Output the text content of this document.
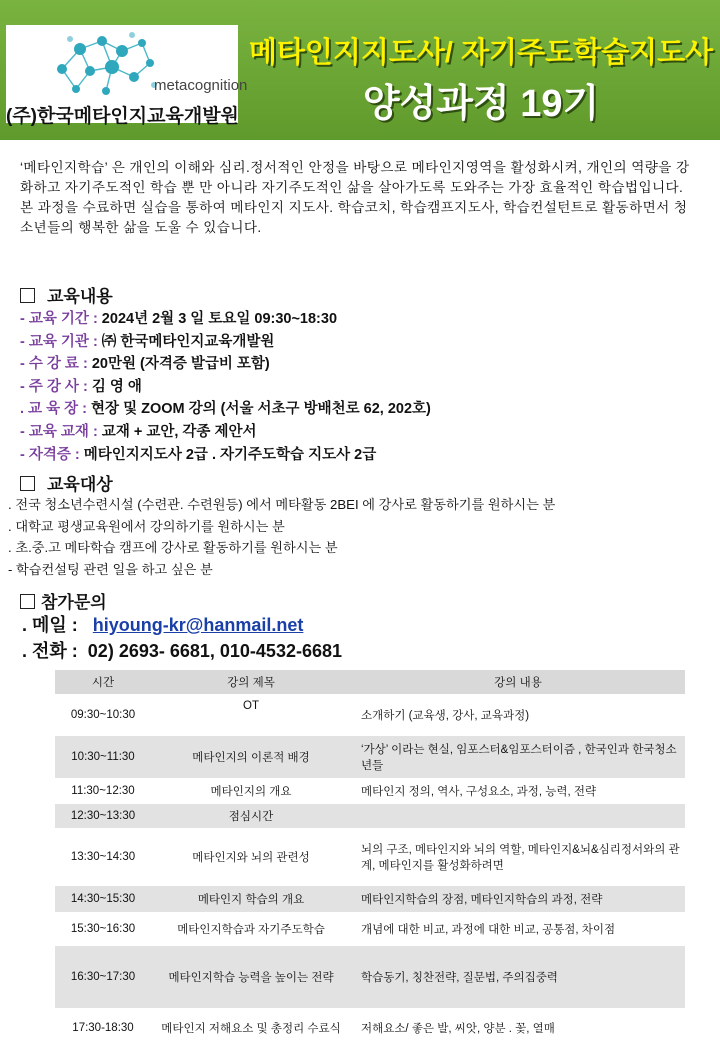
metacognition
(주)한국메타인지교육개발원
메타인지지도사/ 자기주도학습지도사
양성과정 19기

‘메타인지학습’ 은 개인의 이해와 심리.정서적인 안정을 바탕으로 메타인지영역을 활성화시켜, 개인의 역량을 강화하고 자기주도적인 학습 뿐 만 아니라 자기주도적인 삶을 살아가도록 도와주는 가장 효율적인 학습법입니다.

본 과정을 수료하면 실습을 통하여 메타인지 지도사. 학습코치, 학습캠프지도사, 학습컨설턴트로 활동하면서 청소년들의 행복한 삶을 도울 수 있습니다.

교육내용
- 교육 기간 : 2024년 2월 3 일 토요일 09:30~18:30
- 교육 기관 : ㈜ 한국메타인지교육개발원
- 수 강 료 : 20만원 (자격증 발급비 포함)
- 주 강 사 : 김 영 애
. 교 육 장 : 현장 및 ZOOM 강의 (서울 서초구 방배천로 62, 202호)
- 교육 교재 : 교재 + 교안, 각종 제안서
- 자격증 : 메타인지지도사 2급 . 자기주도학습 지도사 2급
교육대상
. 전국 청소년수련시설 (수련관. 수련원등) 에서 메타활동 2BEI 에 강사로 활동하기를 원하시는 분
. 대학교 평생교육원에서 강의하기를 원하시는 분
. 초.중.고 메타학습 캠프에 강사로 활동하기를 원하시는 분
- 학습컨설팅 관련 일을 하고 싶은 분
참가문의
. 메일 : hiyoung-kr@hanmail.net
. 전화 : 02) 2693- 6681, 010-4532-6681
시간	강의 제목	강의 내용
09:30~10:30	OT	소개하기 (교육생, 강사, 교육과정)
10:30~11:30	메타인지의 이론적 배경	‘가상’ 이라는 현실, 임포스터&임포스터이즘 , 한국인과 한국청소년들
11:30~12:30	메타인지의 개요	메타인지 정의, 역사, 구성요소, 과정, 능력, 전략
12:30~13:30	점심시간	
13:30~14:30	메타인지와 뇌의 관련성	뇌의 구조, 메타인지와 뇌의 역할, 메타인지&뇌&심리정서와의 관계, 메타인지를 활성화하려면
14:30~15:30	메타인지 학습의 개요	메타인지학습의 장점, 메타인지학습의 과정, 전략
15:30~16:30	메타인지학습과 자기주도학습	개념에 대한 비교, 과정에 대한 비교, 공통점, 차이점
16:30~17:30	메타인지학습 능력을 높이는 전략	학습동기, 칭찬전략, 질문법, 주의집중력
17:30-18:30	메타인지 저해요소 및 총정리 수료식	저해요소/ 좋은 발, 씨앗, 양분 . 꽃, 열매
